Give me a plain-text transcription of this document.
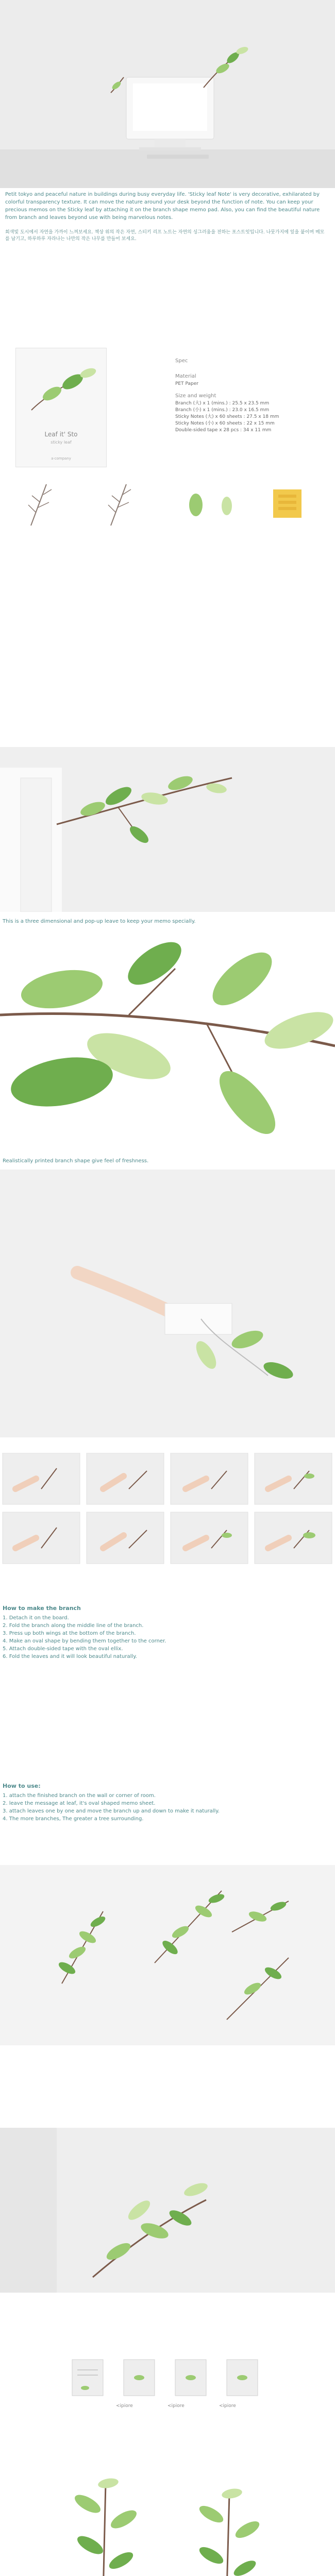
Petit tokyo and peaceful nature in buildings during busy everyday life. 'Sticky leaf Note' is very decorative, exhilarated by colorful transparency texture. It can move the nature around your desk beyond the function of note. You can keep your precious memos on the Sticky leaf by attaching it on the branch shape memo pad. Also, you can find the beautiful nature from branch and leaves beyond use with being marvelous notes.
회색빛 도시에서 자연을 가까이 느껴보세요. 책상 위의 작은 자연, 스티키 리프 노트는 자연의 싱그러움을 전하는 포스트잇입니다. 나뭇가지에 잎을 붙이며 메모를 남기고, 하루하루 자라나는 나만의 작은 나무를 만들어 보세요.
Leaf it' Sto
sticky leaf
a·company
Spec
Material
PET Paper
Size and weight
Branch (大) x 1 (mins.) : 25.5 x 23.5 mm
Branch (小) x 1 (mins.) : 23.0 x 16.5 mm
Sticky Notes (大) x 60 sheets : 27.5 x 18 mm
Sticky Notes (小) x 60 sheets : 22 x 15 mm
Double-sided tape x 28 pcs : 34 x 11 mm
This is a three dimensional and pop-up leave to keep your memo specially.
Realistically printed branch shape give feel of freshness.
How to make the branch
1. Detach it on the board.
2. Fold the branch along the middle line of the branch.
3. Press up both wings at the bottom of the branch.
4. Make an oval shape by bending them together to the corner.
5. Attach double-sided tape with the oval ellix.
6. Fold the leaves and it will look beautiful naturally.
How to use:
1. attach the finished branch on the wall or corner of room.
2. leave the message at leaf, it's oval shaped memo sheet.
3. attach leaves one by one and move the branch up and down to make it naturally.
4. The more branches, The greater a tree surrounding.
<ipiore	<ipiore	<ipiore
